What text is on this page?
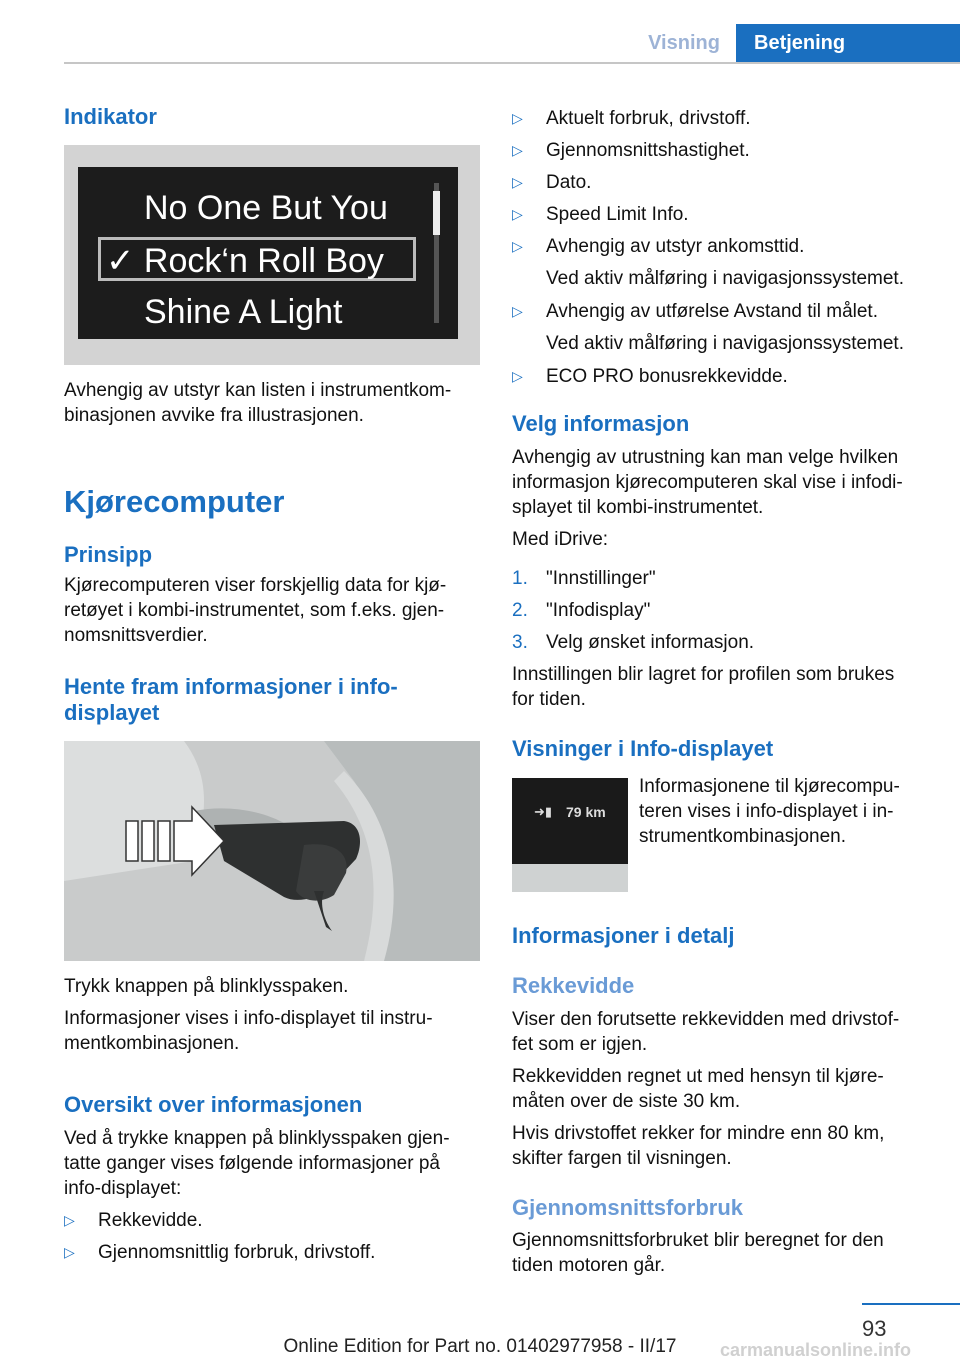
Visning	Betjening
Indikator
No One But You
✓ Rock‘n Roll Boy
Shine A Light
Avhengig av utstyr kan listen i instrumentkom-
binasjonen avvike fra illustrasjonen.
Kjørecomputer
Prinsipp
Kjørecomputeren viser forskjellig data for kjø-
retøyet i kombi-instrumentet, som f.eks. gjen-
nomsnittsverdier.
Hente fram informasjoner i info-
displayet
Trykk knappen på blinklysspaken.
Informasjoner vises i info-displayet til instru-
mentkombinasjonen.
Oversikt over informasjonen
Ved å trykke knappen på blinklysspaken gjen-
tatte ganger vises følgende informasjoner på
info-displayet:
▷ Rekkevidde.
▷ Gjennomsnittlig forbruk, drivstoff.
▷ Aktuelt forbruk, drivstoff.
▷ Gjennomsnittshastighet.
▷ Dato.
▷ Speed Limit Info.
▷ Avhengig av utstyr ankomsttid.
Ved aktiv målføring i navigasjonssystemet.
▷ Avhengig av utførelse Avstand til målet.
Ved aktiv målføring i navigasjonssystemet.
▷ ECO PRO bonusrekkevidde.
Velg informasjon
Avhengig av utrustning kan man velge hvilken
informasjon kjørecomputeren skal vise i infodi-
splayet til kombi-instrumentet.
Med iDrive:
1. "Innstillinger"
2. "Infodisplay"
3. Velg ønsket informasjon.
Innstillingen blir lagret for profilen som brukes
for tiden.
Visninger i Info-displayet
➜▮ 79 km
Informasjonene til kjørecompu-
teren vises i info-displayet i in-
strumentkombinasjonen.
Informasjoner i detalj
Rekkevidde
Viser den forutsette rekkevidden med drivstof-
fet som er igjen.
Rekkevidden regnet ut med hensyn til kjøre-
måten over de siste 30 km.
Hvis drivstoffet rekker for mindre enn 80 km,
skifter fargen til visningen.
Gjennomsnittsforbruk
Gjennomsnittsforbruket blir beregnet for den
tiden motoren går.
93
Online Edition for Part no. 01402977958 - II/17	carmanualsonline.info
